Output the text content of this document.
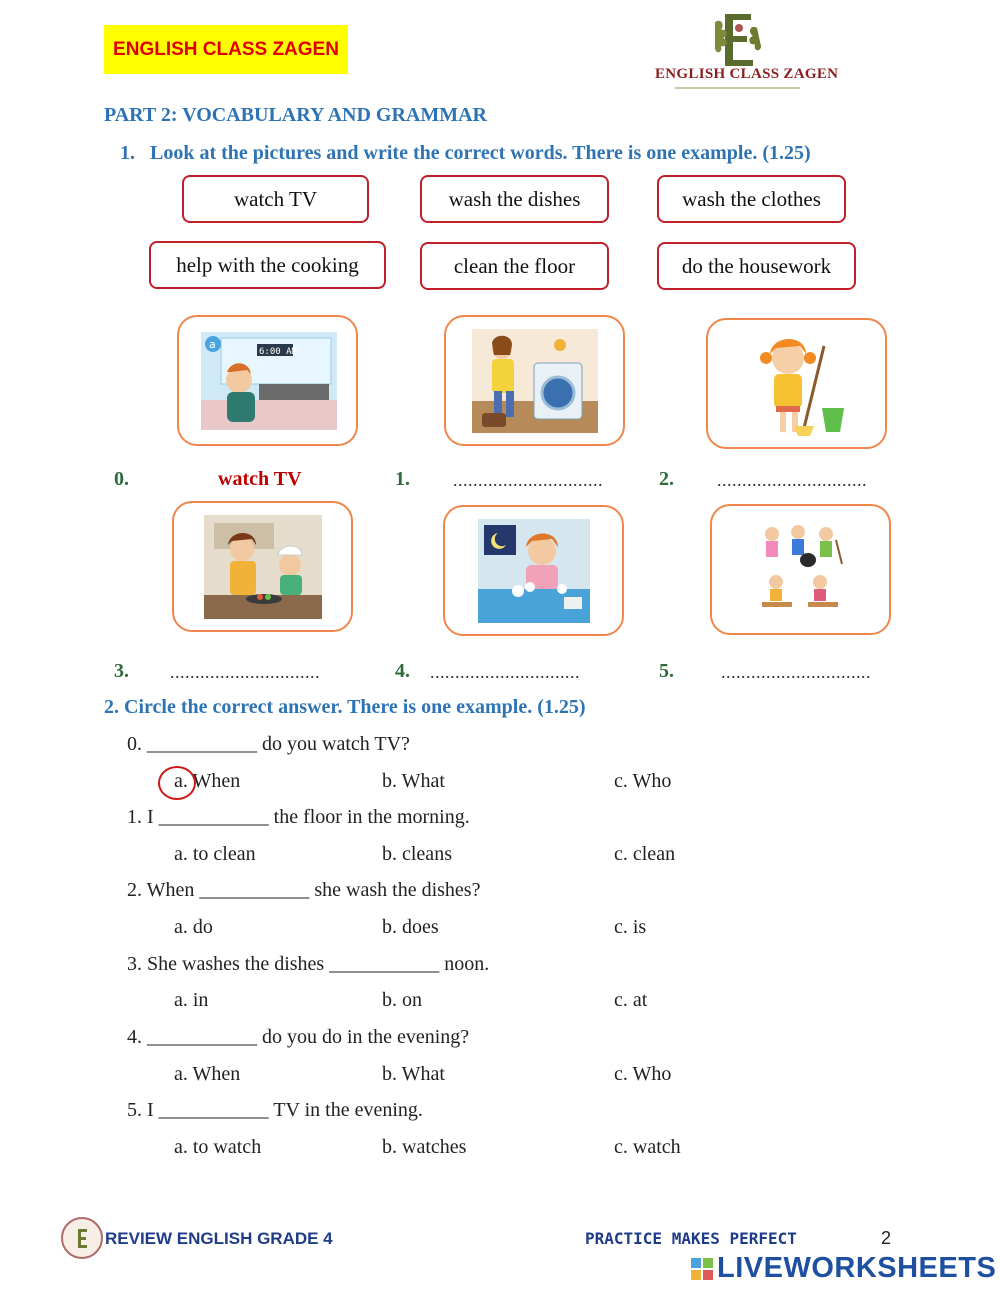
ENGLISH CLASS ZAGEN
ENGLISH CLASS ZAGEN
PART 2: VOCABULARY AND GRAMMAR
1. Look at the pictures and write the correct words. There is one example. (1.25)
watch TV	wash the dishes	wash the clothes
help with the cooking	clean the floor	do the housework
6:00 AM
a
0.	watch TV	1. ..............................	2. ..............................
3. ..............................	4. ..............................	5.	..............................
2. Circle the correct answer. There is one example. (1.25)
0. ___________ do you watch TV?
a. When	b. What	c. Who
1. I ___________ the floor in the morning.
a. to clean	b. cleans	c. clean
2. When ___________ she wash the dishes?
a. do	b. does	c. is
3. She washes the dishes ___________ noon.
a. in	b. on	c. at
4. ___________ do you do in the evening?
a. When	b. What	c. Who
5. I ___________ TV in the evening.
a. to watch	b. watches	c. watch
REVIEW ENGLISH GRADE 4	PRACTICE MAKES PERFECT	2
LIVEWORKSHEETS
